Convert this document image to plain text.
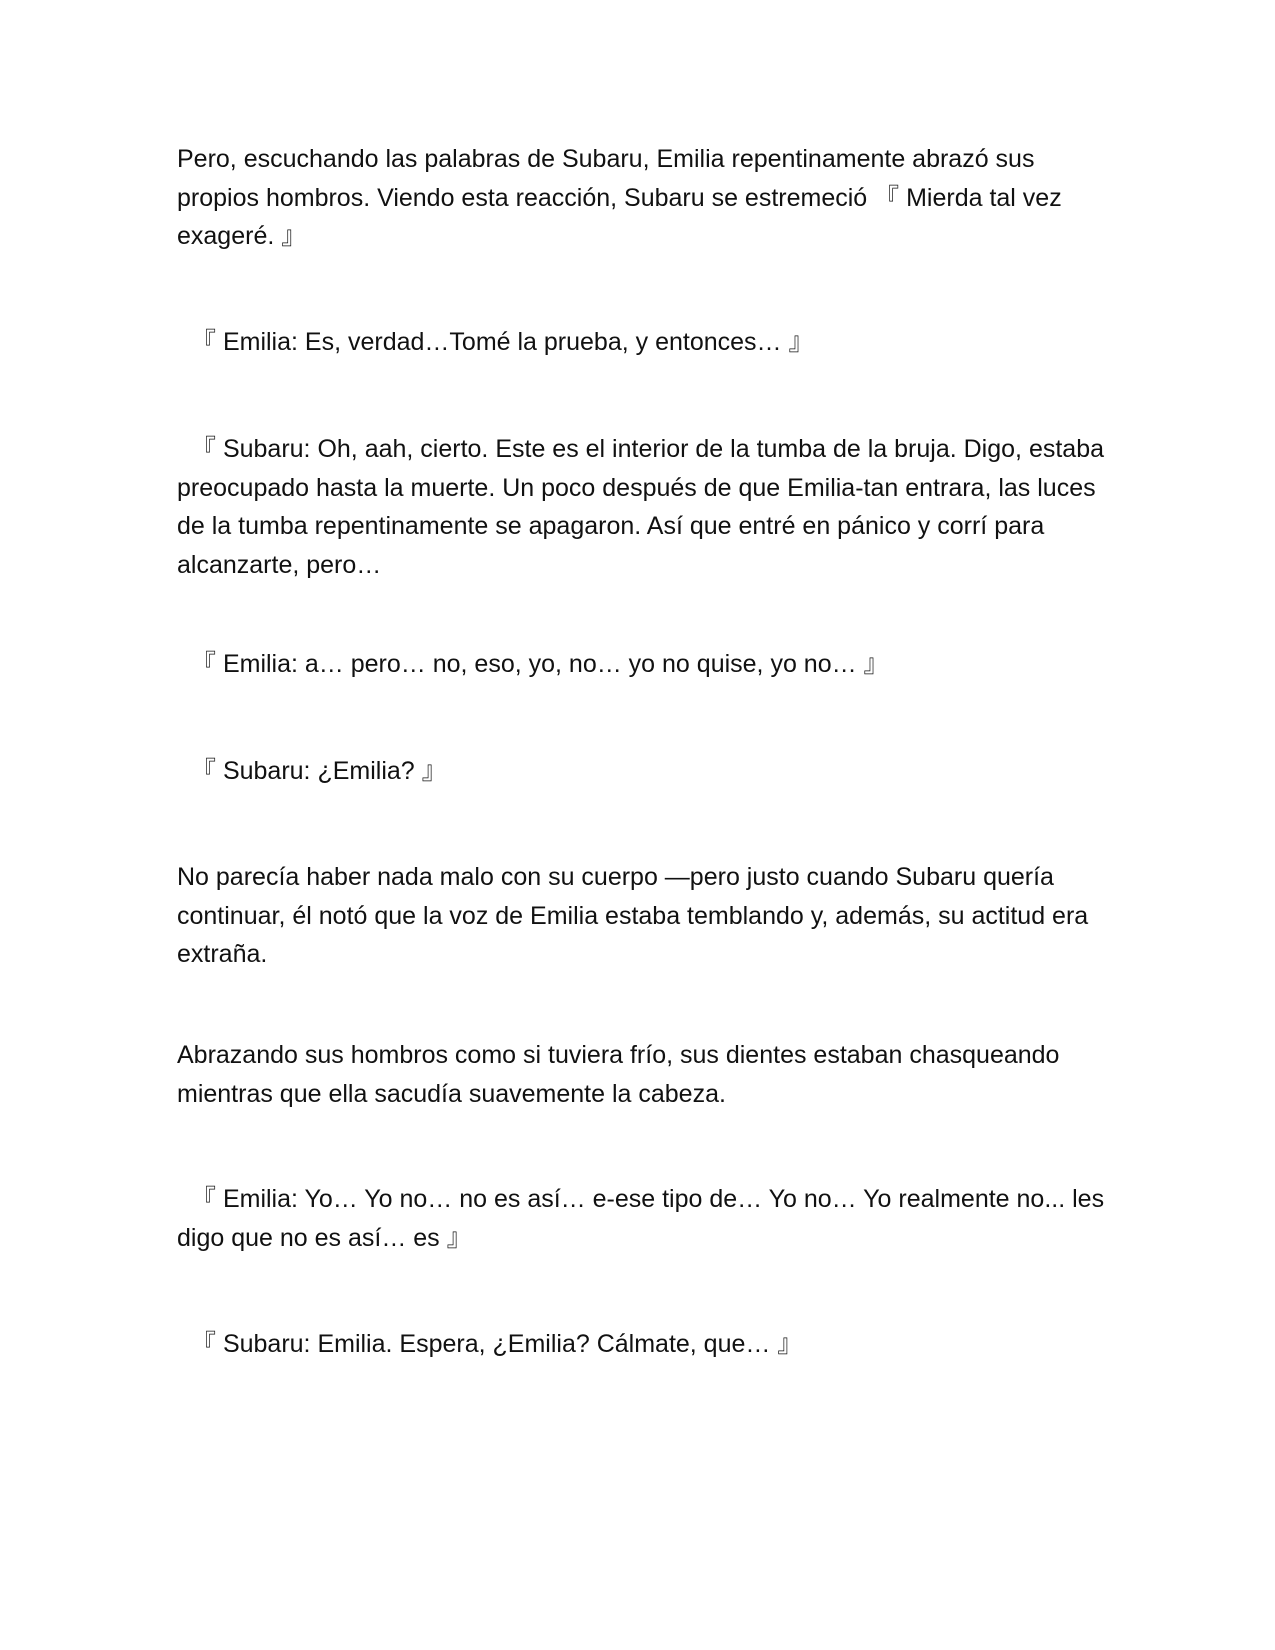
Pero, escuchando las palabras de Subaru, Emilia repentinamente abrazó sus propios hombros. Viendo esta reacción, Subaru se estremeció 『 Mierda tal vez exageré. 』

『 Emilia: Es, verdad…Tomé la prueba, y entonces… 』

『 Subaru: Oh, aah, cierto. Este es el interior de la tumba de la bruja. Digo, estaba preocupado hasta la muerte. Un poco después de que Emilia-tan entrara, las luces de la tumba repentinamente se apagaron. Así que entré en pánico y corrí para alcanzarte, pero…

『 Emilia: a… pero… no, eso, yo, no… yo no quise, yo no… 』

『 Subaru: ¿Emilia? 』

No parecía haber nada malo con su cuerpo —pero justo cuando Subaru quería continuar, él notó que la voz de Emilia estaba temblando y, además, su actitud era extraña.

Abrazando sus hombros como si tuviera frío, sus dientes estaban chasqueando mientras que ella sacudía suavemente la cabeza.

『 Emilia: Yo… Yo no… no es así… e-ese tipo de… Yo no… Yo realmente no... les digo que no es así… es 』

『 Subaru: Emilia. Espera, ¿Emilia? Cálmate, que… 』
